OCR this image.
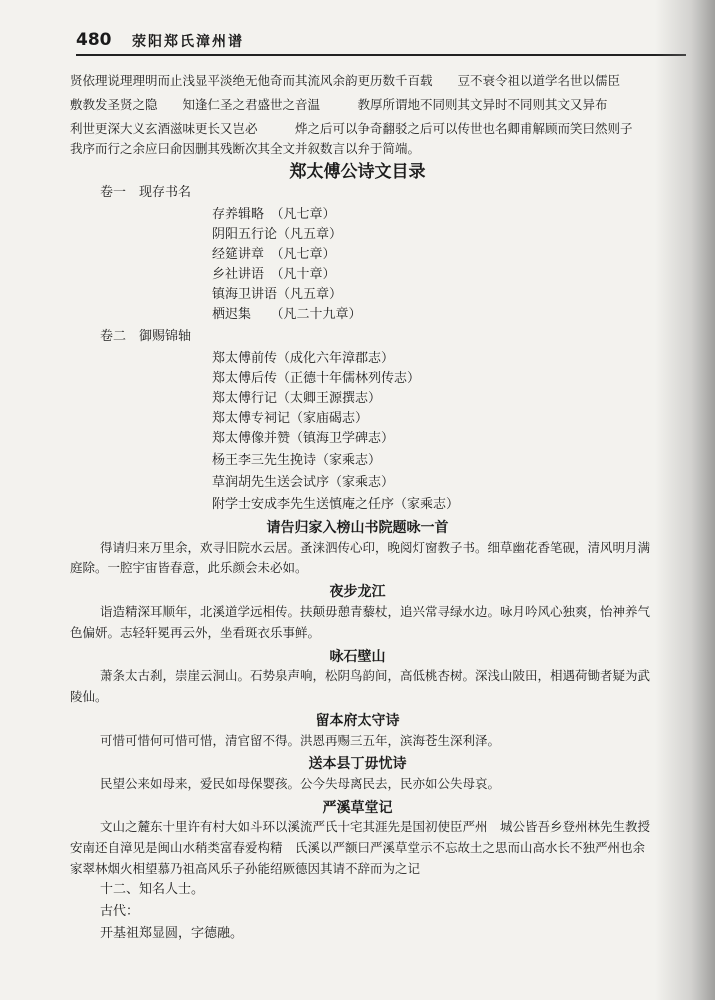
480 荥阳郑氏漳州谱
贤依理说理理明而止浅显平淡绝无他奇而其流风余韵更历数千百载　　豆不衰令祖以道学名世以儒臣
敷教发圣贤之隐　　知逢仁圣之君盛世之音温　　　教厚所谓地不同则其文异时不同则其文又异布
利世更深大义玄酒滋味更长又岂必　　　烨之后可以争奇翻驳之后可以传世也名卿甫解顾而笑曰然则子
我序而行之余应曰俞因删其残断次其全文并叙数言以弁于简端。
郑太傅公诗文目录
卷一　现存书名
存养辑略　（凡七章）
阴阳五行论（凡五章）
经筵讲章　（凡七章）
乡社讲语　（凡十章）
镇海卫讲语（凡五章）
栖迟集　　（凡二十九章）
卷二　御赐锦轴
郑太傅前传（成化六年漳郡志）
郑太傅后传（正德十年儒林列传志）
郑太傅行记（太卿王源撰志）
郑太傅专祠记（家庙碣志）
郑太傅像并赞（镇海卫学碑志）
杨王李三先生挽诗（家乘志）
草润胡先生送会试序（家乘志）
附学士安成李先生送慎庵之任序（家乘志）
请告归家入榜山书院题咏一首
得请归来万里余，欢寻旧院水云居。蚤涞泗传心印，晚阅灯窗教子书。细草幽花香笔砚，清风明月满
庭除。一腔宇宙皆春意，此乐颜会未必如。
夜步龙江
诣造精深耳顺年，北溪道学远相传。扶颠毋憩青藜杖，追兴常寻绿水边。咏月吟风心独爽，怡神养气
色偏妍。志轻轩冕再云外，坐看斑衣乐事鲜。
咏石壁山
萧条太古刹，崇崖云洞山。石势泉声响，松阴鸟韵间，高低桃杏树。深浅山陂田，相遇荷锄者疑为武
陵仙。
留本府太守诗
可惜可惜何可惜可惜，清官留不得。洪恩再赐三五年，滨海苍生深利泽。
送本县丁毋忧诗
民望公来如母来，爱民如母保婴孩。公今失母离民去，民亦如公失母哀。
严溪草堂记
文山之麓东十里许有村大如斗环以溪流严氏十宅其涯先是国初使臣严州　城公皆吾乡登州林先生教授
安南还自漳见是闽山水稍类富春爱构精　氏溪以严额曰严溪草堂示不忘故土之思而山高水长不独严州也余
家翠林烟火相望慕乃祖高风乐子孙能绍厥德因其请不辞而为之记
十二、知名人士。
古代：
开基祖郑显圆，字德融。
